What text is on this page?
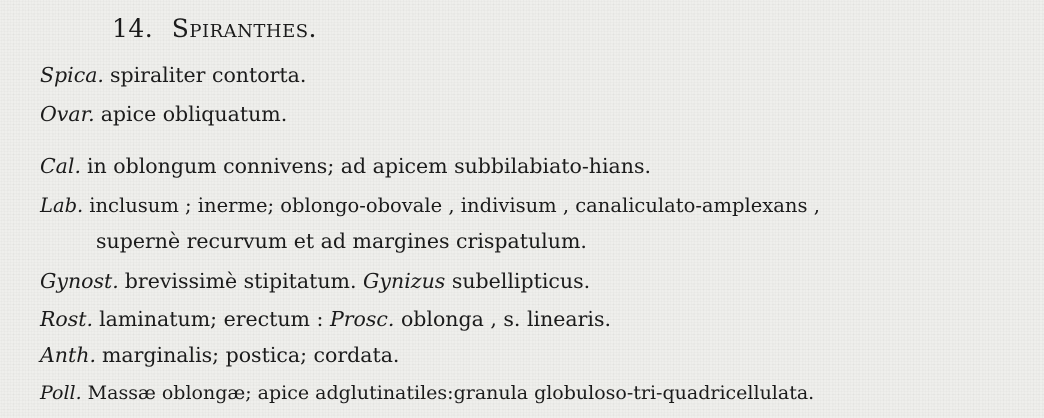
14. Spiranthes.
Spica. spiraliter contorta.
Ovar. apice obliquatum.
Cal. in oblongum connivens; ad apicem subbilabiato-hians.
Lab. inclusum ; inerme; oblongo-obovale , indivisum , canaliculato-amplexans ,
supernè recurvum et ad margines crispatulum.
Gynost. brevissimè stipitatum. Gynizus subellipticus.
Rost. laminatum; erectum : Prosc. oblonga , s. linearis.
Anth. marginalis; postica; cordata.
Poll. Massæ oblongæ; apice adglutinatiles:granula globuloso-tri-quadricellulata.
